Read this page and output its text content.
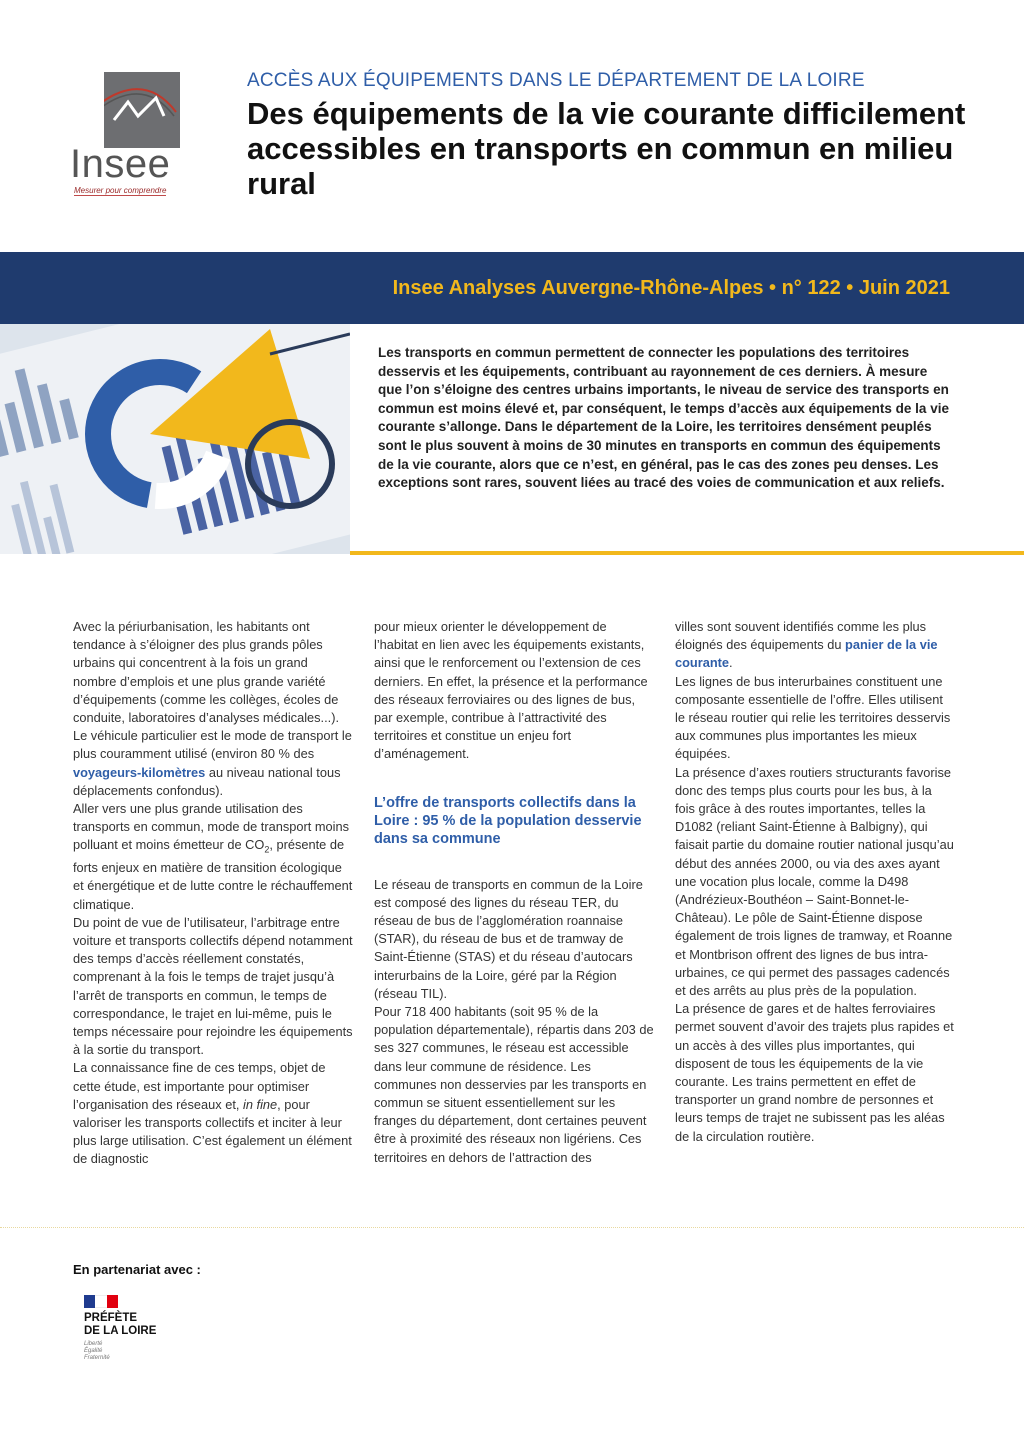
Insee
Mesurer pour comprendre
ACCÈS AUX ÉQUIPEMENTS DANS LE DÉPARTEMENT DE LA LOIRE
Des équipements de la vie courante difficilement accessibles en transports en commun en milieu rural
Insee Analyses Auvergne-Rhône-Alpes • n° 122 • Juin 2021

Les transports en commun permettent de connecter les populations des territoires desservis et les équipements, contribuant au rayonnement de ces derniers. À mesure que l’on s’éloigne des centres urbains importants, le niveau de service des transports en commun est moins élevé et, par conséquent, le temps d’accès aux équipements de la vie courante s’allonge. Dans le département de la Loire, les territoires densément peuplés sont le plus souvent à moins de 30 minutes en transports en commun des équipements de la vie courante, alors que ce n’est, en général, pas le cas des zones peu denses. Les exceptions sont rares, souvent liées au tracé des voies de communication et aux reliefs.

Avec la périurbanisation, les habitants ont tendance à s’éloigner des plus grands pôles urbains qui concentrent à la fois un grand nombre d’emplois et une plus grande variété d’équipements (comme les collèges, écoles de conduite, laboratoires d’analyses médicales...). Le véhicule particulier est le mode de transport le plus couramment utilisé (environ 80 % des voyageurs-kilomètres au niveau national tous déplacements confondus).

Aller vers une plus grande utilisation des transports en commun, mode de transport moins polluant et moins émetteur de $CO_2$, présente de forts enjeux en matière de transition écologique et énergétique et de lutte contre le réchauffement climatique.

Du point de vue de l’utilisateur, l’arbitrage entre voiture et transports collectifs dépend notamment des temps d’accès réellement constatés, comprenant à la fois le temps de trajet jusqu’à l’arrêt de transports en commun, le temps de correspondance, le trajet en lui-même, puis le temps nécessaire pour rejoindre les équipements à la sortie du transport.

La connaissance fine de ces temps, objet de cette étude, est importante pour optimiser l’organisation des réseaux et, in fine, pour valoriser les transports collectifs et inciter à leur plus large utilisation. C’est également un élément de diagnostic

pour mieux orienter le développement de l’habitat en lien avec les équipements existants, ainsi que le renforcement ou l’extension de ces derniers. En effet, la présence et la performance des réseaux ferroviaires ou des lignes de bus, par exemple, contribue à l’attractivité des territoires et constitue un enjeu fort d’aménagement.

L’offre de transports collectifs dans la Loire : 95 % de la population desservie dans sa commune

Le réseau de transports en commun de la Loire est composé des lignes du réseau TER, du réseau de bus de l’agglomération roannaise (STAR), du réseau de bus et de tramway de Saint-Étienne (STAS) et du réseau d’autocars interurbains de la Loire, géré par la Région (réseau TIL).

Pour 718 400 habitants (soit 95 % de la population départementale), répartis dans 203 de ses 327 communes, le réseau est accessible dans leur commune de résidence. Les communes non desservies par les transports en commun se situent essentiellement sur les franges du département, dont certaines peuvent être à proximité des réseaux non ligériens. Ces territoires en dehors de l’attraction des

villes sont souvent identifiés comme les plus éloignés des équipements du panier de la vie courante.

Les lignes de bus interurbaines constituent une composante essentielle de l’offre. Elles utilisent le réseau routier qui relie les territoires desservis aux communes plus importantes les mieux équipées.

La présence d’axes routiers structurants favorise donc des temps plus courts pour les bus, à la fois grâce à des routes importantes, telles la D1082 (reliant Saint-Étienne à Balbigny), qui faisait partie du domaine routier national jusqu’au début des années 2000, ou via des axes ayant une vocation plus locale, comme la D498 (Andrézieux-Bouthéon – Saint-Bonnet-le-Château). Le pôle de Saint-Étienne dispose également de trois lignes de tramway, et Roanne et Montbrison offrent des lignes de bus intra-urbaines, ce qui permet des passages cadencés et des arrêts au plus près de la population.

La présence de gares et de haltes ferroviaires permet souvent d’avoir des trajets plus rapides et un accès à des villes plus importantes, qui disposent de tous les équipements de la vie courante. Les trains permettent en effet de transporter un grand nombre de personnes et leurs temps de trajet ne subissent pas les aléas de la circulation routière.

En partenariat avec :
PRÉFÈTE
DE LA LOIRE
Liberté
Égalité
Fraternité
